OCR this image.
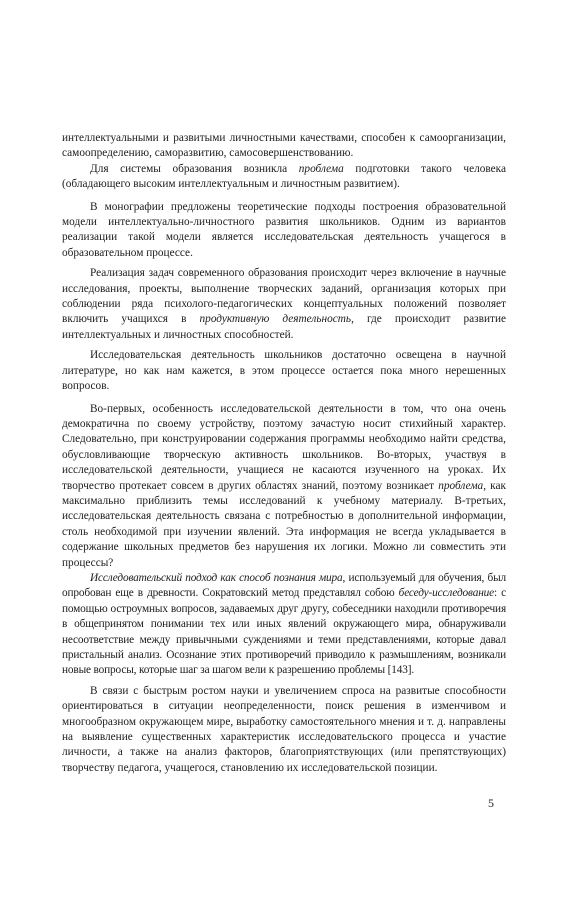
интеллектуальными и развитыми личностными качествами, способен к самоорганизации, самоопределению, саморазвитию, самосовершенствованию.

Для системы образования возникла проблема подготовки такого человека (обладающего высоким интеллектуальным и личностным развитием).

В монографии предложены теоретические подходы построения образовательной модели интеллектуально-личностного развития школьников. Одним из вариантов реализации такой модели является исследовательская деятельность учащегося в образовательном процессе.

Реализация задач современного образования происходит через включение в научные исследования, проекты, выполнение творческих заданий, организация которых при соблюдении ряда психолого-педагогических концептуальных положений позволяет включить учащихся в продуктивную деятельность, где происходит развитие интеллектуальных и личностных способностей.

Исследовательская деятельность школьников достаточно освещена в научной литературе, но как нам кажется, в этом процессе остается пока много нерешенных вопросов.

Во-первых, особенность исследовательской деятельности в том, что она очень демократична по своему устройству, поэтому зачастую носит стихийный характер. Следовательно, при конструировании содержания программы необходимо найти средства, обусловливающие творческую активность школьников. Во-вторых, участвуя в исследовательской деятельности, учащиеся не касаются изученного на уроках. Их творчество протекает совсем в других областях знаний, поэтому возникает проблема, как максимально приблизить темы исследований к учебному материалу. В-третьих, исследовательская деятельность связана с потребностью в дополнительной информации, столь необходимой при изучении явлений. Эта информация не всегда укладывается в содержание школьных предметов без нарушения их логики. Можно ли совместить эти процессы?

Исследовательский подход как способ познания мира, используемый для обучения, был опробован еще в древности. Сократовский метод представлял собою беседу-исследование: с помощью остроумных вопросов, задаваемых друг другу, собеседники находили противоречия в общепринятом понимании тех или иных явлений окружающего мира, обнаруживали несоответствие между привычными суждениями и теми представлениями, которые давал пристальный анализ. Осознание этих противоречий приводило к размышлениям, возникали новые вопросы, которые шаг за шагом вели к разрешению проблемы [143].

В связи с быстрым ростом науки и увеличением спроса на развитые способности ориентироваться в ситуации неопределенности, поиск решения в изменчивом и многообразном окружающем мире, выработку самостоятельного мнения и т. д. направлены на выявление существенных характеристик исследовательского процесса и участие личности, а также на анализ факторов, благоприятствующих (или препятствующих) творчеству педагога, учащегося, становлению их исследовательской позиции.

5
